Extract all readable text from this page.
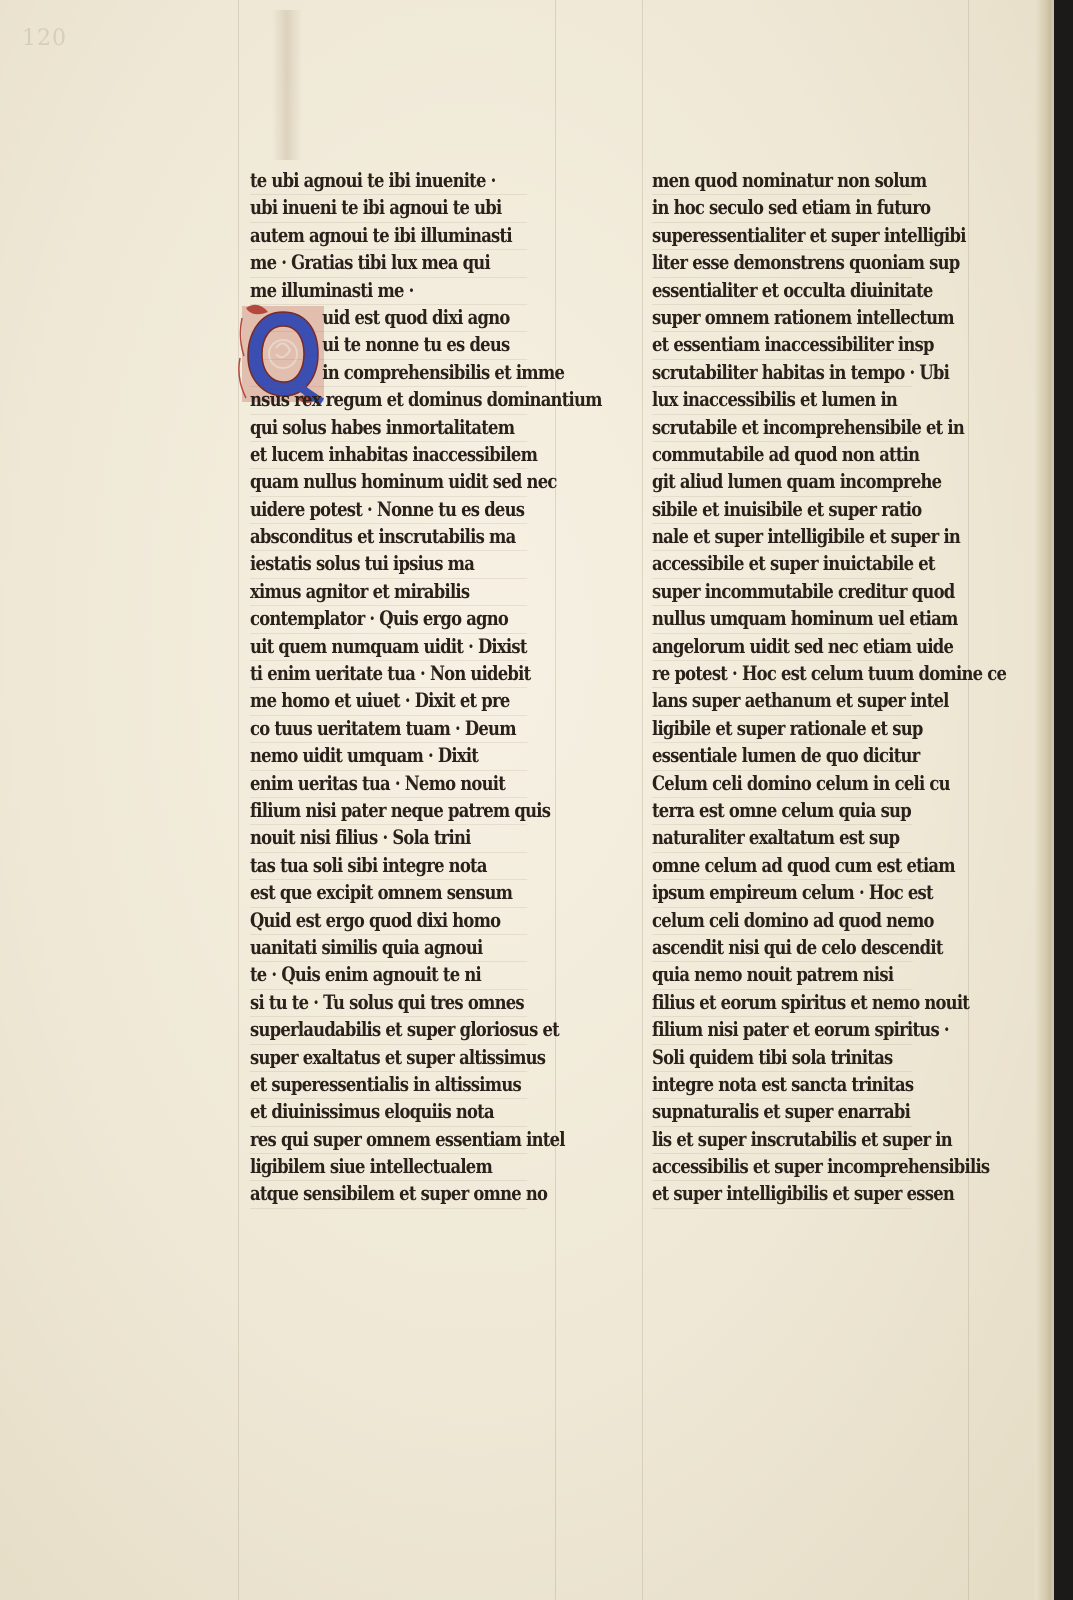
120
te ubi agnoui te ibi inuenite ·
ubi inueni te ibi agnoui te ubi
autem agnoui te ibi illuminasti
me · Gratias tibi lux mea qui
me illuminasti me ·
uid est quod dixi agno
ui te nonne tu es deus
in comprehensibilis et imme
nsus rex regum et dominus dominantium
qui solus habes inmortalitatem
et lucem inhabitas inaccessibilem
quam nullus hominum uidit sed nec
uidere potest · Nonne tu es deus
absconditus et inscrutabilis ma
iestatis solus tui ipsius ma
ximus agnitor et mirabilis
contemplator · Quis ergo agno
uit quem numquam uidit · Dixist
ti enim ueritate tua · Non uidebit
me homo et uiuet · Dixit et pre
co tuus ueritatem tuam · Deum
nemo uidit umquam · Dixit
enim ueritas tua · Nemo nouit
filium nisi pater neque patrem quis
nouit nisi filius · Sola trini
tas tua soli sibi integre nota
est que excipit omnem sensum
Quid est ergo quod dixi homo
uanitati similis quia agnoui
te · Quis enim agnouit te ni
si tu te · Tu solus qui tres omnes
superlaudabilis et super gloriosus et
super exaltatus et super altissimus
et superessentialis in altissimus
et diuinissimus eloquiis nota
res qui super omnem essentiam intel
ligibilem siue intellectualem
atque sensibilem et super omne no
men quod nominatur non solum
in hoc seculo sed etiam in futuro
superessentialiter et super intelligibi
liter esse demonstrens quoniam sup
essentialiter et occulta diuinitate
super omnem rationem intellectum
et essentiam inaccessibiliter insp
scrutabiliter habitas in tempo · Ubi
lux inaccessibilis et lumen in
scrutabile et incomprehensibile et in
commutabile ad quod non attin
git aliud lumen quam incomprehe
sibile et inuisibile et super ratio
nale et super intelligibile et super in
accessibile et super inuictabile et
super incommutabile creditur quod
nullus umquam hominum uel etiam
angelorum uidit sed nec etiam uide
re potest · Hoc est celum tuum domine ce
lans super aethanum et super intel
ligibile et super rationale et sup
essentiale lumen de quo dicitur
Celum celi domino celum in celi cu
terra est omne celum quia sup
naturaliter exaltatum est sup
omne celum ad quod cum est etiam
ipsum empireum celum · Hoc est
celum celi domino ad quod nemo
ascendit nisi qui de celo descendit
quia nemo nouit patrem nisi
filius et eorum spiritus et nemo nouit
filium nisi pater et eorum spiritus ·
Soli quidem tibi sola trinitas
integre nota est sancta trinitas
supnaturalis et super enarrabi
lis et super inscrutabilis et super in
accessibilis et super incomprehensibilis
et super intelligibilis et super essen
